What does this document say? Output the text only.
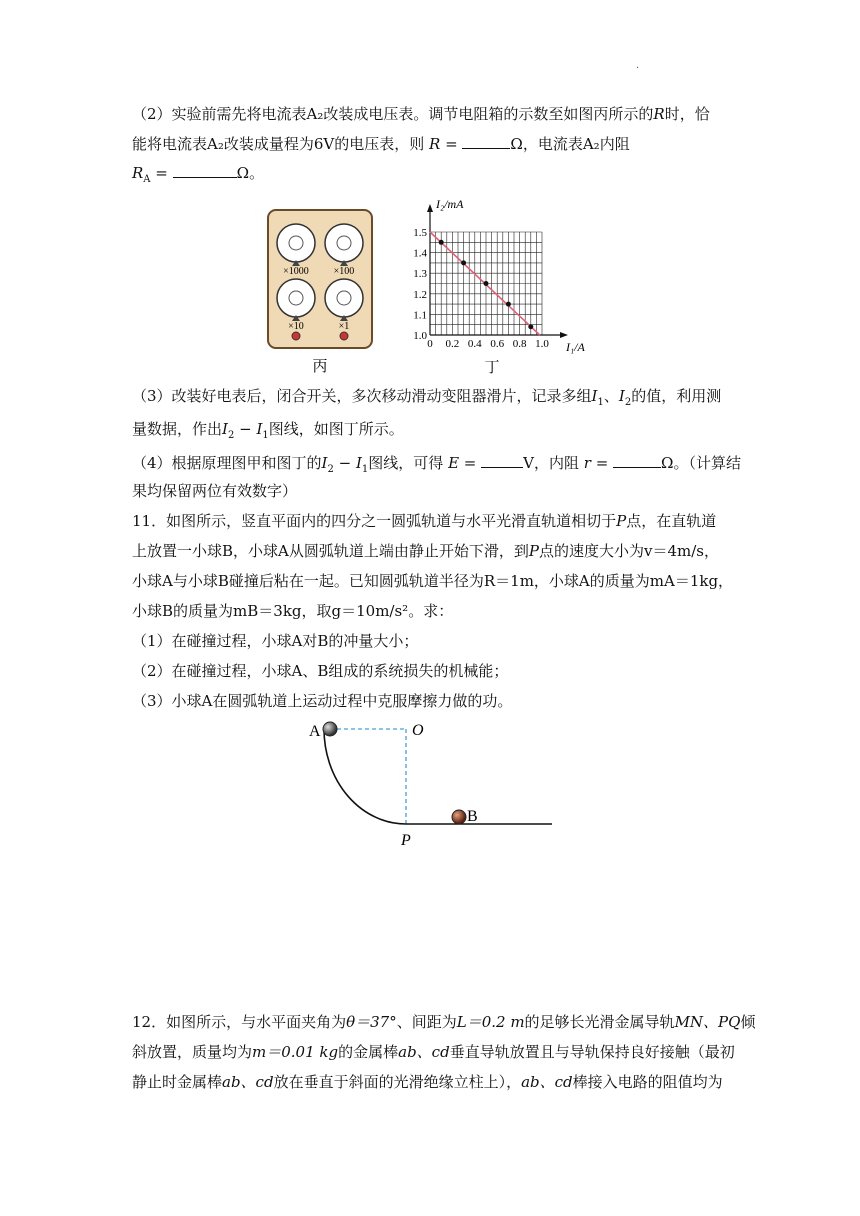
.
（2）实验前需先将电流表A₂改装成电压表。调节电阻箱的示数至如图丙所示的R时，恰
能将电流表A₂改装成量程为6V的电压表，则 R =	Ω，电流表A₂内阻
$R_A$ =	Ω。
×1000 ×100
×10	×1
丙
0 0.2 0.4 0.6 0.8 1.0
1.0
1.1
1.2
1.3
1.4
1.5
I₂/mA
I₁/A
丁
（3）改装好电表后，闭合开关，多次移动滑动变阻器滑片，记录多组$I_1$、$I_2$的值，利用测
量数据，作出$I_2 - I_1$图线，如图丁所示。
（4）根据原理图甲和图丁的$I_2 - I_1$图线，可得 E =	V，内阻 r =	Ω。（计算结
果均保留两位有效数字）
11．如图所示，竖直平面内的四分之一圆弧轨道与水平光滑直轨道相切于P点，在直轨道
上放置一小球B，小球A从圆弧轨道上端由静止开始下滑，到P点的速度大小为v＝4m/s，
小球A与小球B碰撞后粘在一起。已知圆弧轨道半径为R＝1m，小球A的质量为mA＝1kg，
小球B的质量为mB＝3kg，取g＝10m/s²。求：
（1）在碰撞过程，小球A对B的冲量大小；
（2）在碰撞过程，小球A、B组成的系统损失的机械能；
（3）小球A在圆弧轨道上运动过程中克服摩擦力做的功。
A	O
B
P
12．如图所示，与水平面夹角为θ＝37°、间距为L＝0.2 m的足够长光滑金属导轨MN、PQ倾
斜放置，质量均为m＝0.01 kg的金属棒ab、cd垂直导轨放置且与导轨保持良好接触（最初
静止时金属棒ab、cd放在垂直于斜面的光滑绝缘立柱上），ab、cd棒接入电路的阻值均为
